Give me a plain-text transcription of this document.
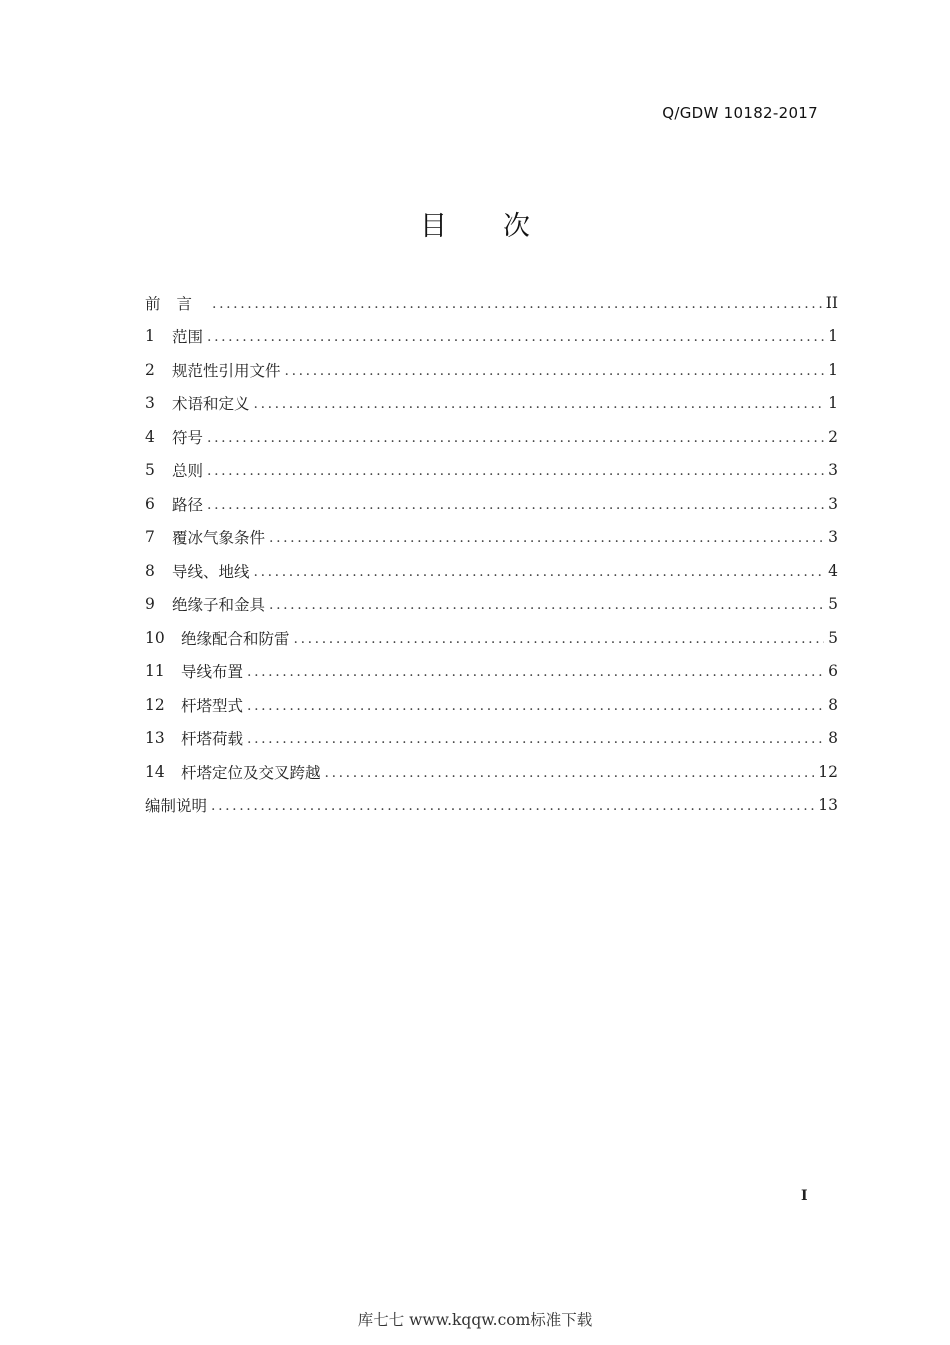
Q/GDW 10182-2017
目 次
前言 .....	II
1	范围 .....	1
2	规范性引用文件 .....	1
3	术语和定义 .....	1
4	符号 .....	2
5	总则 .....	3
6	路径 .....	3
7	覆冰气象条件 .....	3
8	导线、地线 .....	4
9	绝缘子和金具 .....	5
10	绝缘配合和防雷 .....	5
11	导线布置 .....	6
12	杆塔型式 .....	8
13	杆塔荷载 .....	8
14	杆塔定位及交叉跨越 .....	12
编制说明 .....	13
I
库七七 www.kqqw.com标准下载
